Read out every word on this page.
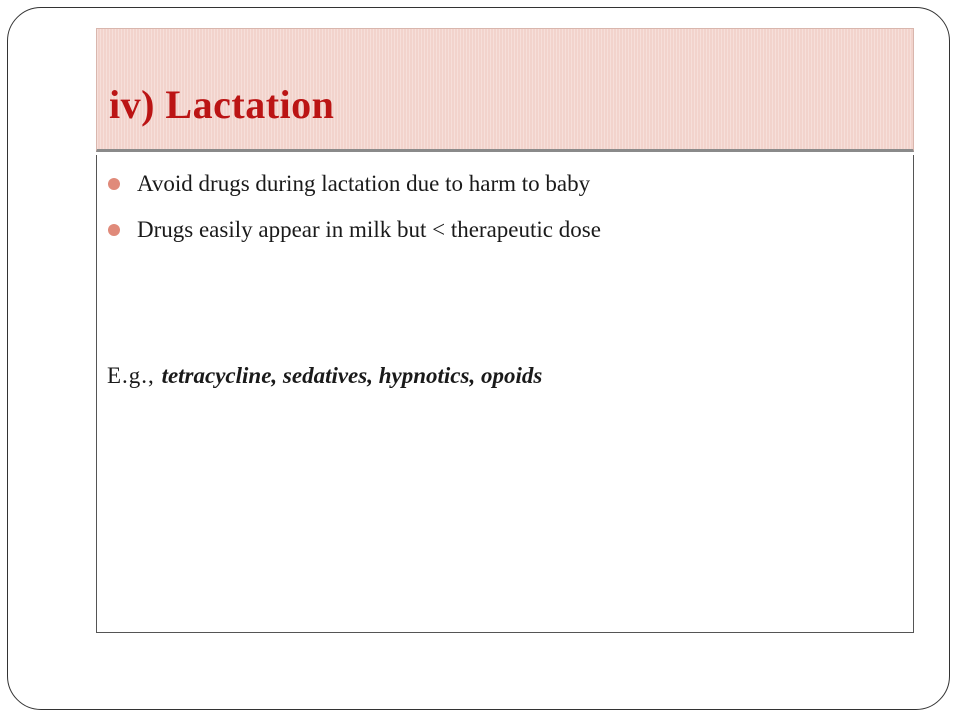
iv) Lactation
Avoid drugs during lactation due to harm to baby
Drugs easily appear in milk but < therapeutic dose
E.g., tetracycline, sedatives, hypnotics, opoids
